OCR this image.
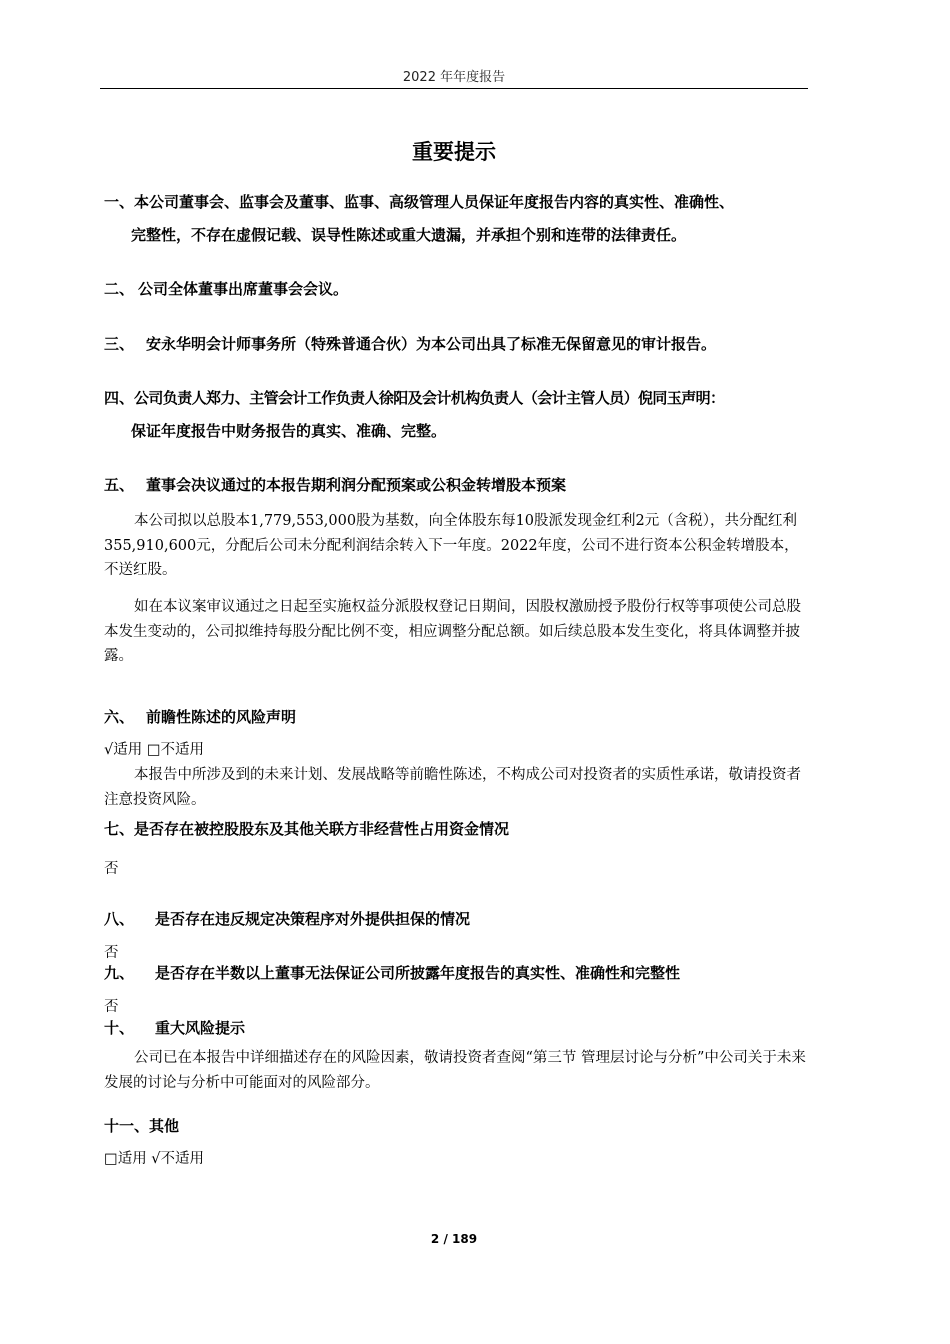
2022 年年度报告
重要提示
一、本公司董事会、监事会及董事、监事、高级管理人员保证年度报告内容的真实性、准确性、
完整性，不存在虚假记载、误导性陈述或重大遗漏，并承担个别和连带的法律责任。
二、 公司全体董事出席董事会会议。
三、 安永华明会计师事务所（特殊普通合伙）为本公司出具了标准无保留意见的审计报告。
四、公司负责人郑力、主管会计工作负责人徐阳及会计机构负责人（会计主管人员）倪同玉声明：
保证年度报告中财务报告的真实、准确、完整。
五、 董事会决议通过的本报告期利润分配预案或公积金转增股本预案
本公司拟以总股本1,779,553,000股为基数，向全体股东每10股派发现金红利2元（含税），共分配红利355,910,600元，分配后公司未分配利润结余转入下一年度。2022年度，公司不进行资本公积金转增股本，不送红股。
如在本议案审议通过之日起至实施权益分派股权登记日期间，因股权激励授予股份行权等事项使公司总股本发生变动的，公司拟维持每股分配比例不变，相应调整分配总额。如后续总股本发生变化，将具体调整并披露。
六、 前瞻性陈述的风险声明
√适用 □不适用
本报告中所涉及到的未来计划、发展战略等前瞻性陈述，不构成公司对投资者的实质性承诺，敬请投资者注意投资风险。
七、是否存在被控股股东及其他关联方非经营性占用资金情况
否
八、 是否存在违反规定决策程序对外提供担保的情况
否
九、 是否存在半数以上董事无法保证公司所披露年度报告的真实性、准确性和完整性
否
十、 重大风险提示
公司已在本报告中详细描述存在的风险因素，敬请投资者查阅“第三节 管理层讨论与分析”中公司关于未来发展的讨论与分析中可能面对的风险部分。
十一、其他
□适用 √不适用
2 / 189
